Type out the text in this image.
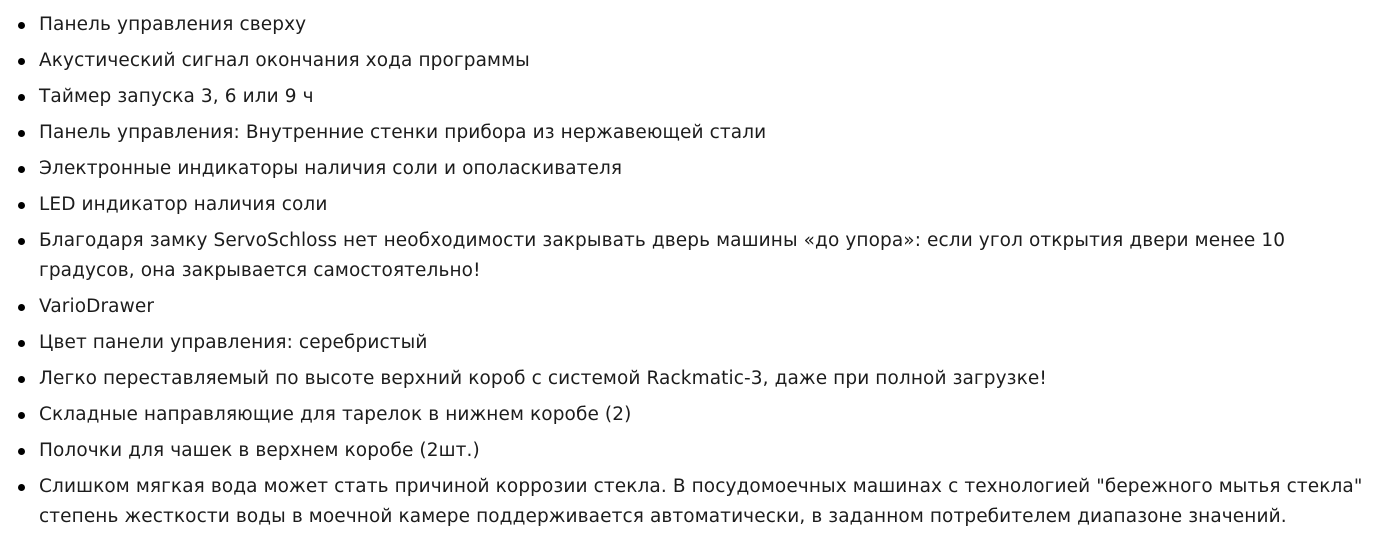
Панель управления сверху
Акустический сигнал окончания хода программы
Таймер запуска 3, 6 или 9 ч
Панель управления: Внутренние стенки прибора из нержавеющей стали
Электронные индикаторы наличия соли и ополаскивателя
LED индикатор наличия соли
Благодаря замку ServoSchloss нет необходимости закрывать дверь машины «до упора»: если угол открытия двери менее 10 градусов, она закрывается самостоятельно!
VarioDrawer
Цвет панели управления: серебристый
Легко переставляемый по высоте верхний короб с системой Rackmatic-3, даже при полной загрузке!
Складные направляющие для тарелок в нижнем коробе (2)
Полочки для чашек в верхнем коробе (2шт.)
Слишком мягкая вода может стать причиной коррозии стекла. В посудомоечных машинах с технологией "бережного мытья стекла" степень жесткости воды в моечной камере поддерживается автоматически, в заданном потребителем диапазоне значений.
